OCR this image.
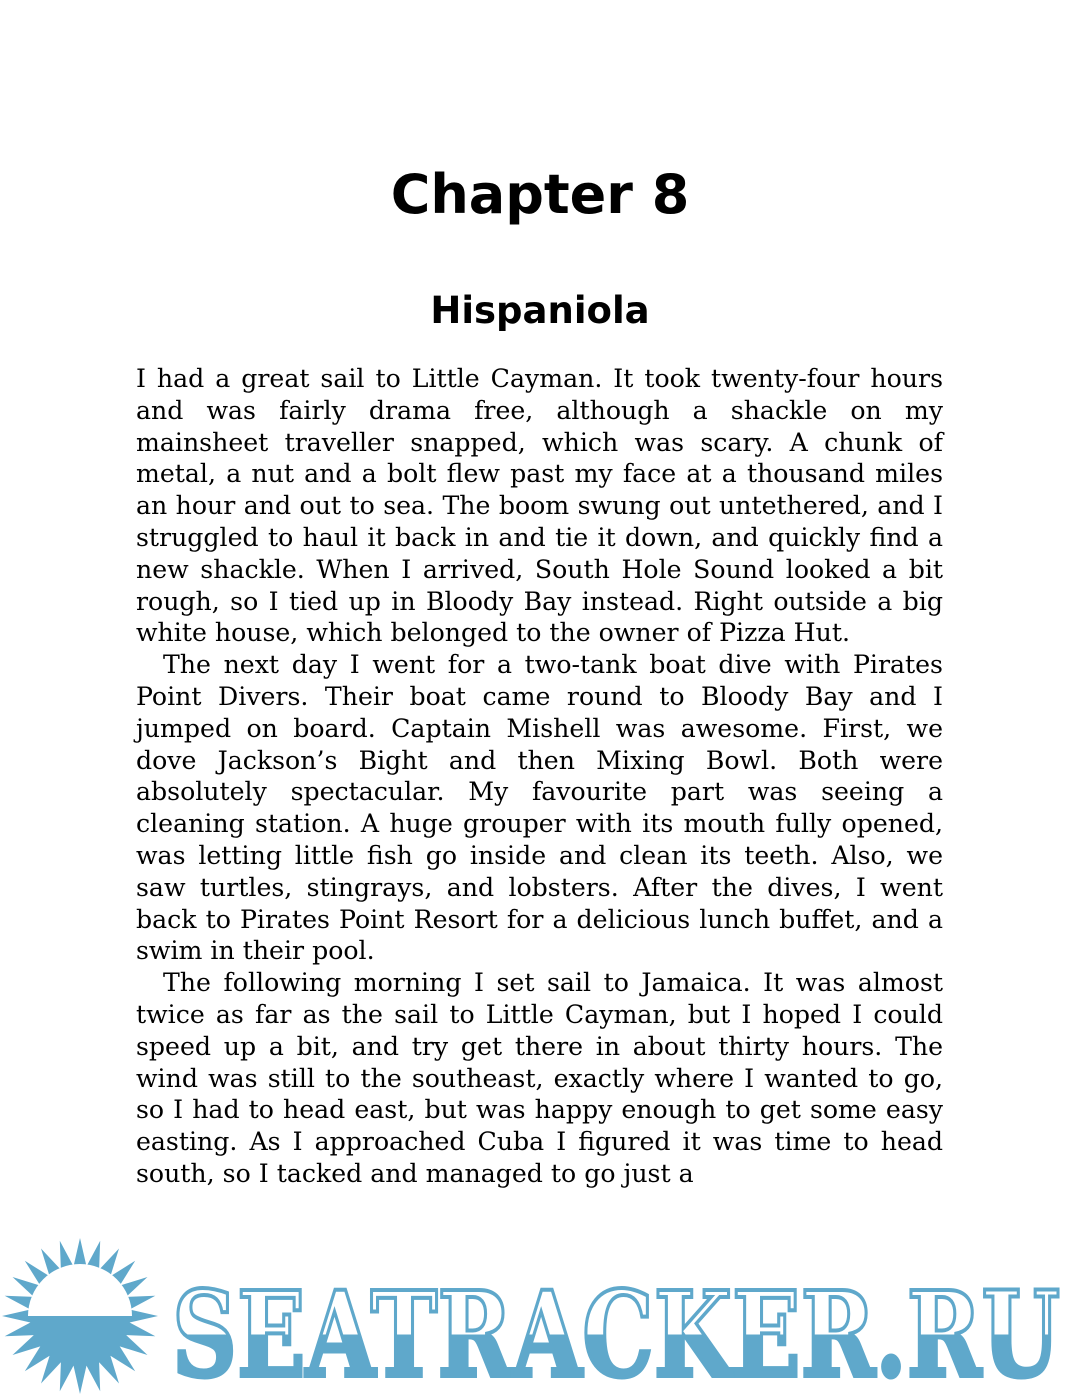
Chapter 8
Hispaniola

I had a great sail to Little Cayman. It took twenty-four hours and was fairly drama free, although a shackle on my mainsheet traveller snapped, which was scary. A chunk of metal, a nut and a bolt flew past my face at a thousand miles an hour and out to sea. The boom swung out untethered, and I struggled to haul it back in and tie it down, and quickly find a new shackle. When I arrived, South Hole Sound looked a bit rough, so I tied up in Bloody Bay instead. Right outside a big white house, which belonged to the owner of Pizza Hut.

The next day I went for a two-tank boat dive with Pirates Point Divers. Their boat came round to Bloody Bay and I jumped on board. Captain Mishell was awesome. First, we dove Jackson’s Bight and then Mixing Bowl. Both were absolutely spectacular. My favourite part was seeing a cleaning station. A huge grouper with its mouth fully opened, was letting little fish go inside and clean its teeth. Also, we saw turtles, stingrays, and lobsters. After the dives, I went back to Pirates Point Resort for a delicious lunch buffet, and a swim in their pool.

The following morning I set sail to Jamaica. It was almost twice as far as the sail to Little Cayman, but I hoped I could speed up a bit, and try get there in about thirty hours. The wind was still to the southeast, exactly where I wanted to go, so I had to head east, but was happy enough to get some easy easting. As I approached Cuba I figured it was time to head south, so I tacked and managed to go just a

SEATRACKER.RU
